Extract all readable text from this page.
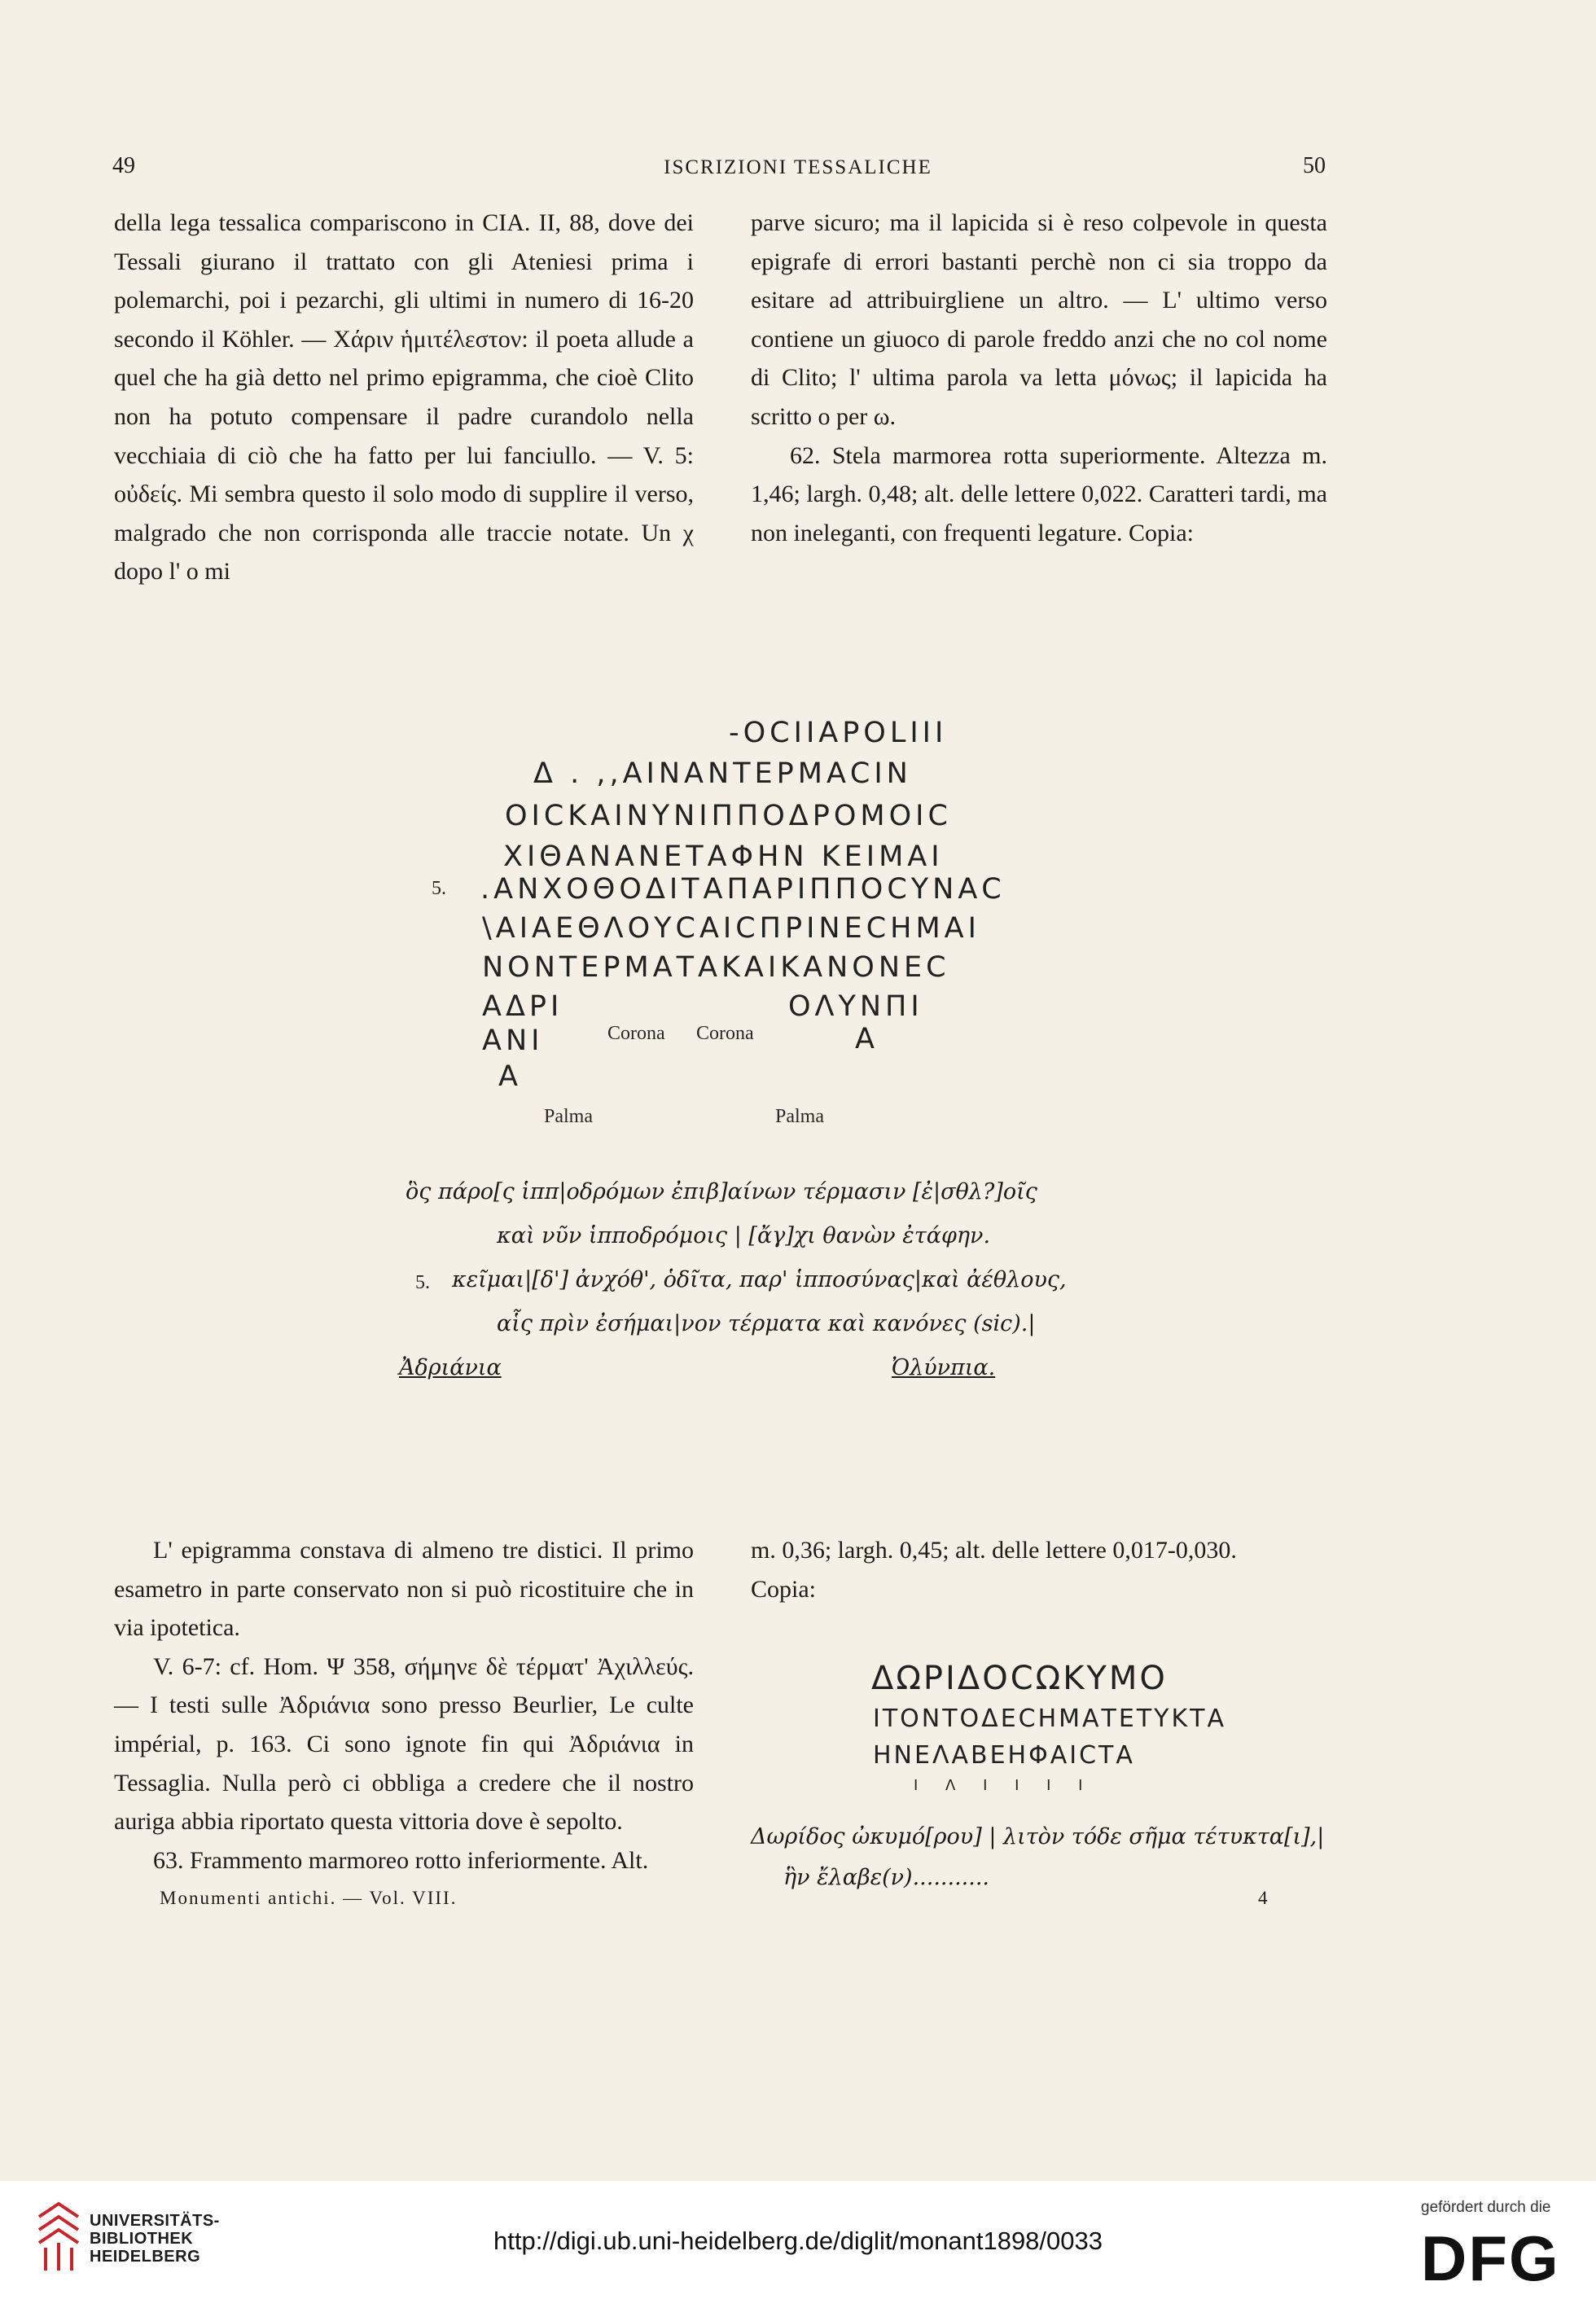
49	ISCRIZIONI TESSALICHE	50

della lega tessalica compariscono in CIA. II, 88, dove dei Tessali giurano il trattato con gli Ateniesi prima i polemarchi, poi i pezarchi, gli ultimi in numero di 16-20 secondo il Köhler. — Χάριν ἡμιτέλεστον: il poeta allude a quel che ha già detto nel primo epigramma, che cioè Clito non ha potuto compensare il padre curandolo nella vecchiaia di ciò che ha fatto per lui fanciullo. — V. 5: οὐδείς. Mi sembra questo il solo modo di supplire il verso, malgrado che non corrisponda alle traccie notate. Un χ dopo l' ο mi

parve sicuro; ma il lapicida si è reso colpevole in questa epigrafe di errori bastanti perchè non ci sia troppo da esitare ad attribuirgliene un altro. — L' ultimo verso contiene un giuoco di parole freddo anzi che no col nome di Clito; l' ultima parola va letta μόνως; il lapicida ha scritto ο per ω.

62. Stela marmorea rotta superiormente. Altezza m. 1,46; largh. 0,48; alt. delle lettere 0,022. Caratteri tardi, ma non ineleganti, con frequenti legature. Copia:

-ΟCIIAPOLIII
Δ . ,,AIΝΑΝΤΕΡΜΑCΙΝ
ΟΙCΚΑΙΝΥΝΙΠΠΟΔΡΟΜΟΙC
ΧΙΘΑΝΑΝΕΤΑΦΗΝ ΚΕΙΜΑΙ
5. .ΑΝΧΟΘΟΔΙΤΑΠΑΡΙΠΠΟCΥΝΑC
\ΑΙΑΕΘΛΟΥCΑΙCΠΡΙΝΕCΗΜΑΙ
ΝΟΝΤΕΡΜΑΤΑΚΑΙΚΑΝΟΝΕC
ΑΔΡΙ	ΟΛΥΝΠΙ
ΑΝΙ	Corona Corona	Α
Α
Palma	Palma
ὃς πάρο[ς ἱππ|οδρόμων ἐπιβ]αίνων τέρμασιν [ἐ|σθλ?]οῖς
καὶ νῦν ἱπποδρόμοις | [ἄγ]χι θανὼν ἐτάφην.
5. κεῖμαι|[δ'] ἀνχόθ', ὁδῖτα, παρ' ἱπποσύνας|καὶ ἀέθλους,
αἷς πρὶν ἐσήμαι|νον τέρματα καὶ κανόνες (sic).|
Ἀδριάνια	Ὀλύνπια.

L' epigramma constava di almeno tre distici. Il primo esametro in parte conservato non si può ricostituire che in via ipotetica.

V. 6-7: cf. Hom. Ψ 358, σήμηνε δὲ τέρματ' Ἀχιλλεύς. — I testi sulle Ἀδριάνια sono presso Beurlier, Le culte impérial, p. 163. Ci sono ignote fin qui Ἀδριάνια in Tessaglia. Nulla però ci obbliga a credere che il nostro auriga abbia riportato questa vittoria dove è sepolto.

63. Frammento marmoreo rotto inferiormente. Alt.

m. 0,36; largh. 0,45; alt. delle lettere 0,017-0,030.

Copia:

ΔΩΡΙΔΟCΩΚΥΜΟ
ΙΤΟΝΤΟΔΕCΗΜΑΤΕΤΥΚΤΑ
ΗΝΕΛΑΒΕΗΦΑΙCΤΑ
Ι Λ Ι Ι Ι Ι
Δωρίδος ὠκυμό[ρου] | λιτὸν τόδε σῆμα τέτυκτα[ι],|
ἣν ἔλαβε(ν)...........
Monumenti antichi. — Vol. VIII.	4
UNIVERSITÄTS-
BIBLIOTHEK
HEIDELBERG
http://digi.ub.uni-heidelberg.de/diglit/monant1898/0033
gefördert durch die
DFG
